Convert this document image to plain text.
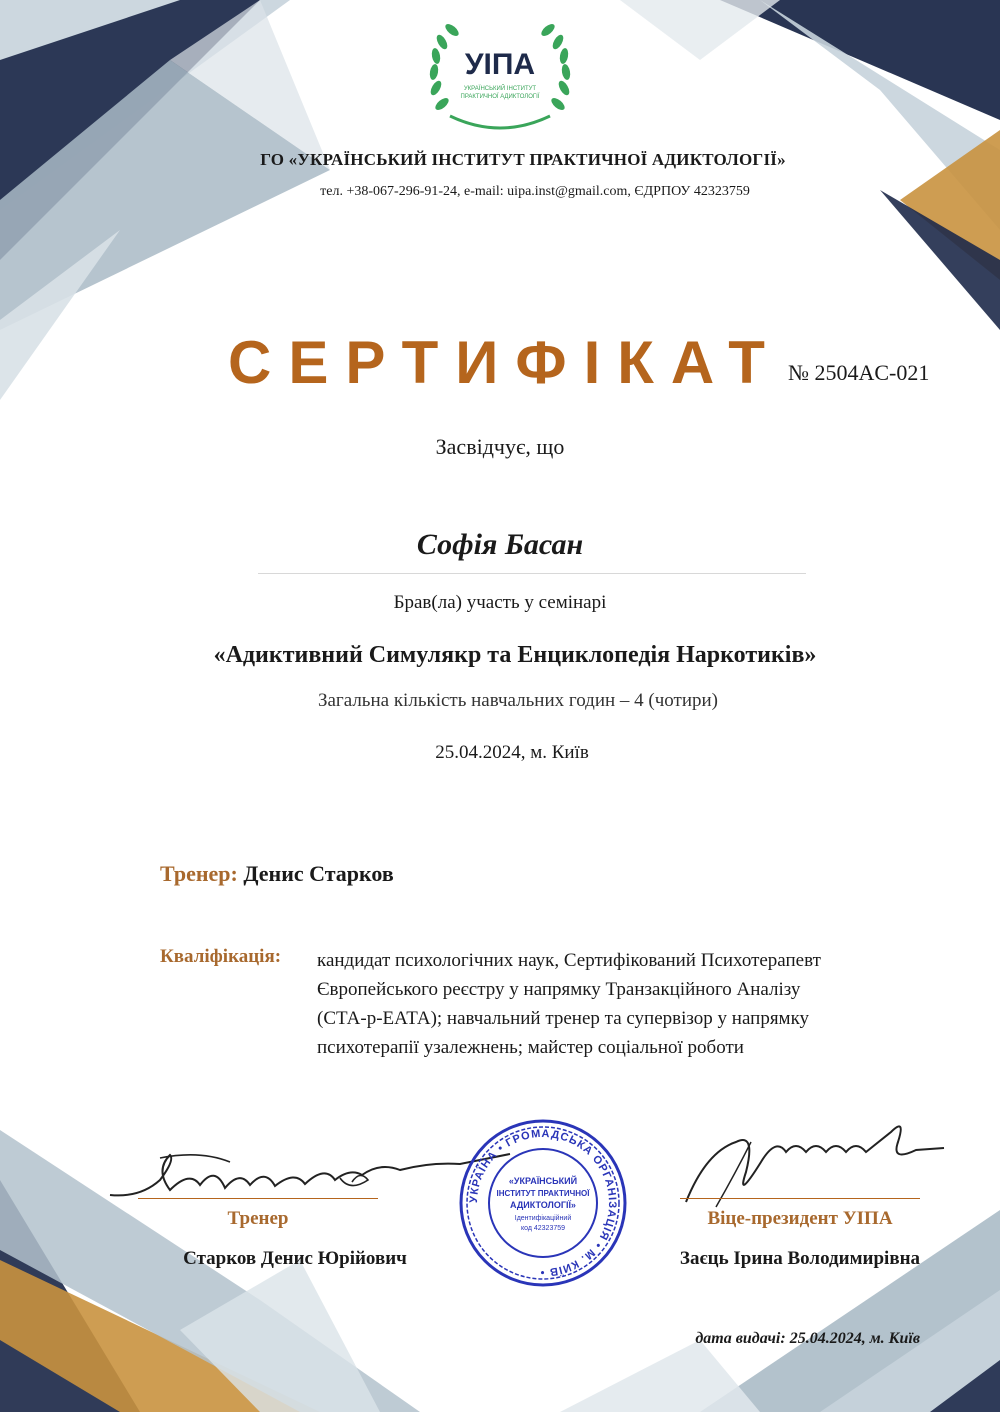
УІПА
УКРАЇНСЬКИЙ ІНСТИТУТ
ПРАКТИЧНОЇ АДИКТОЛОГІЇ
ГО «УКРАЇНСЬКИЙ ІНСТИТУТ ПРАКТИЧНОЇ АДИКТОЛОГІЇ»
тел. +38-067-296-91-24, e-mail: uipa.inst@gmail.com, ЄДРПОУ 42323759
СЕРТИФІКАТ № 2504AC-021
Засвідчує, що
Софія Басан
Брав(ла) участь у семінарі
«Адиктивний Симулякр та Енциклопедія Наркотиків»
Загальна кількість навчальних годин – 4 (чотири)
25.04.2024, м. Київ
Тренер: Денис Старков
Кваліфікація: кандидат психологічних наук, Сертифікований Психотерапевт
Європейського реєстру у напрямку Транзакційного Аналізу
(СТА-р-ЕАТА); навчальний тренер та супервізор у напрямку
психотерапії узалежнень; майстер соціальної роботи
Тренер	Віце-президент УІПА
Старков Денис Юрійович	Заєць Ірина Володимирівна
УКРАЇНА • ГРОМАДСЬКА ОРГАНІЗАЦІЯ • М. КИЇВ •
«УКРАЇНСЬКИЙ
ІНСТИТУТ ПРАКТИЧНОЇ
АДИКТОЛОГІЇ»
Ідентифікаційний
код 42323759
дата видачі: 25.04.2024, м. Київ
